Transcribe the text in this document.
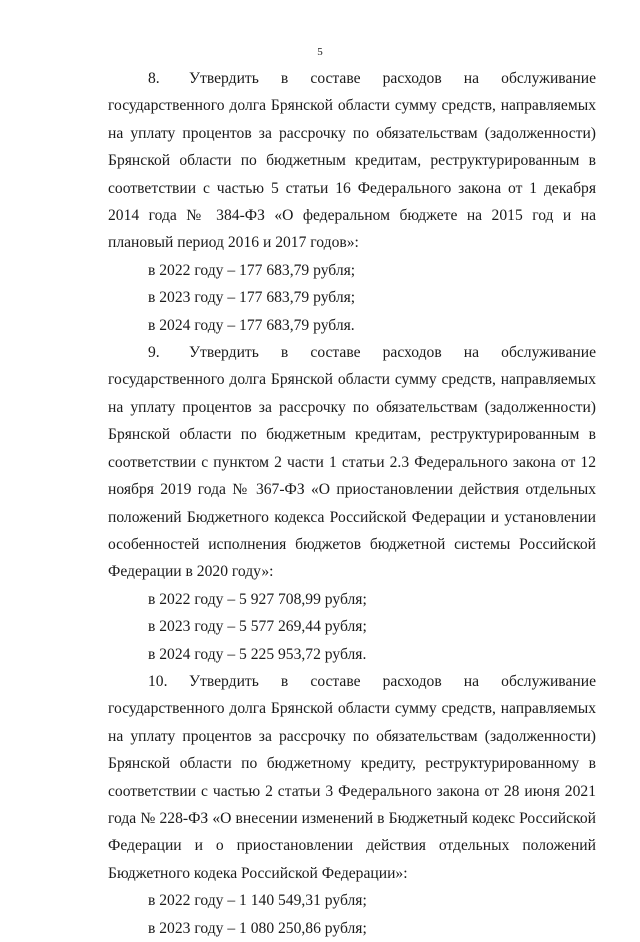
5

8. Утвердить в составе расходов на обслуживание государственного долга Брянской области сумму средств, направляемых на уплату процентов за рассрочку по обязательствам (задолженности) Брянской области по бюджетным кредитам, реструктурированным в соответствии с частью 5 статьи 16 Федерального закона от 1 декабря 2014 года № 384-ФЗ «О федеральном бюджете на 2015 год и на плановый период 2016 и 2017 годов»:

в 2022 году – 177 683,79 рубля;

в 2023 году – 177 683,79 рубля;

в 2024 году – 177 683,79 рубля.

9. Утвердить в составе расходов на обслуживание государственного долга Брянской области сумму средств, направляемых на уплату процентов за рассрочку по обязательствам (задолженности) Брянской области по бюджетным кредитам, реструктурированным в соответствии с пунктом 2 части 1 статьи 2.3 Федерального закона от 12 ноября 2019 года № 367-ФЗ «О приостановлении действия отдельных положений Бюджетного кодекса Российской Федерации и установлении особенностей исполнения бюджетов бюджетной системы Российской Федерации в 2020 году»:

в 2022 году – 5 927 708,99 рубля;

в 2023 году – 5 577 269,44 рубля;

в 2024 году – 5 225 953,72 рубля.

10. Утвердить в составе расходов на обслуживание государственного долга Брянской области сумму средств, направляемых на уплату процентов за рассрочку по обязательствам (задолженности) Брянской области по бюджетному кредиту, реструктурированному в соответствии с частью 2 статьи 3 Федерального закона от 28 июня 2021 года № 228-ФЗ «О внесении изменений в Бюджетный кодекс Российской Федерации и о приостановлении действия отдельных положений Бюджетного кодека Российской Федерации»:

в 2022 году – 1 140 549,31 рубля;

в 2023 году – 1 080 250,86 рубля;
